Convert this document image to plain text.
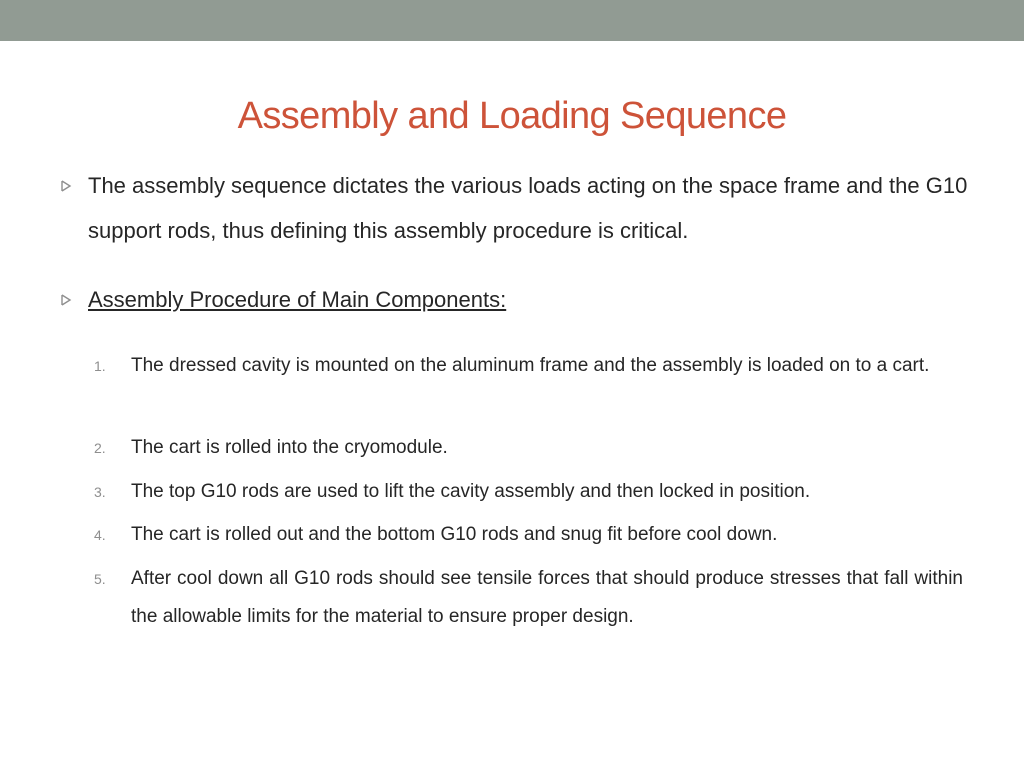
Assembly and Loading Sequence
The assembly sequence dictates the various loads acting on the space frame and the G10 support rods, thus defining this assembly procedure is critical.
Assembly Procedure of Main Components:
1. The dressed cavity is mounted on the aluminum frame and the assembly is loaded on to a cart.
2. The cart is rolled into the cryomodule.
3. The top G10 rods are used to lift the cavity assembly and then locked in position.
4. The cart is rolled out and the bottom G10 rods and snug fit before cool down.
5. After cool down all G10 rods should see tensile forces that should produce stresses that fall within the allowable limits for the material to ensure proper design.
